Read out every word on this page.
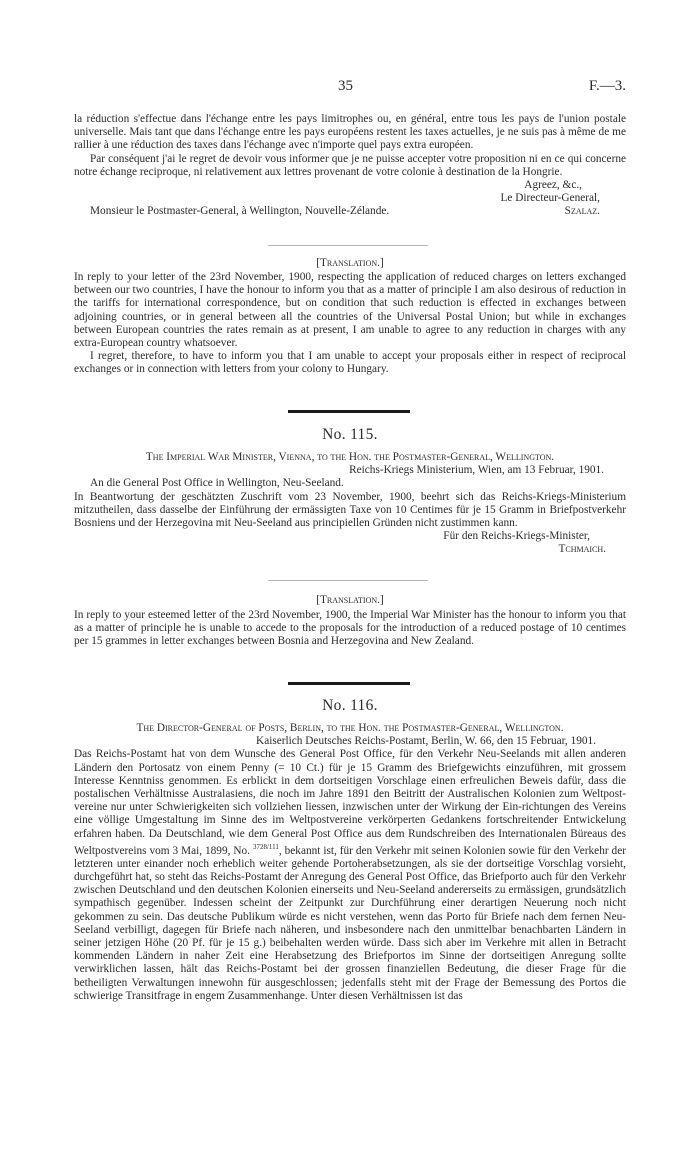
35	F.—3.

la réduction s'effectue dans l'échange entre les pays limitrophes ou, en général, entre tous les pays de l'union postale universelle. Mais tant que dans l'échange entre les pays européens restent les taxes actuelles, je ne suis pas à même de me rallier à une réduction des taxes dans l'échange avec n'importe quel pays extra européen.

Par conséquent j'ai le regret de devoir vous informer que je ne puisse accepter votre proposition ni en ce qui concerne notre échange reciproque, ni relativement aux lettres provenant de votre colonie à destination de la Hongrie.

Agreez, &c.,

Le Directeur-General,

Monsieur le Postmaster-General, à Wellington, Nouvelle-Zélande.	Szalaz.
[Translation.]

In reply to your letter of the 23rd November, 1900, respecting the application of reduced charges on letters exchanged between our two countries, I have the honour to inform you that as a matter of principle I am also desirous of reduction in the tariffs for international correspondence, but on condition that such reduction is effected in exchanges between adjoining countries, or in general between all the countries of the Universal Postal Union; but while in exchanges between European countries the rates remain as at present, I am unable to agree to any reduction in charges with any extra-European country whatsoever.

I regret, therefore, to have to inform you that I am unable to accept your proposals either in respect of reciprocal exchanges or in connection with letters from your colony to Hungary.

No. 115.

The Imperial War Minister, Vienna, to the Hon. the Postmaster-General, Wellington.

Reichs-Kriegs Ministerium, Wien, am 13 Februar, 1901.

An die General Post Office in Wellington, Neu-Seeland.

In Beantwortung der geschätzten Zuschrift vom 23 November, 1900, beehrt sich das Reichs-Kriegs-Ministerium mitzutheilen, dass dasselbe der Einführung der ermässigten Taxe von 10 Centimes für je 15 Gramm in Briefpostverkehr Bosniens und der Herzegovina mit Neu-Seeland aus principiellen Gründen nicht zustimmen kann.

Für den Reichs-Kriegs-Minister,

Tchmaich.

[Translation.]

In reply to your esteemed letter of the 23rd November, 1900, the Imperial War Minister has the honour to inform you that as a matter of principle he is unable to accede to the proposals for the introduction of a reduced postage of 10 centimes per 15 grammes in letter exchanges between Bosnia and Herzegovina and New Zealand.

No. 116.

The Director-General of Posts, Berlin, to the Hon. the Postmaster-General, Wellington.

Kaiserlich Deutsches Reichs-Postamt, Berlin, W. 66, den 15 Februar, 1901.

Das Reichs-Postamt hat von dem Wunsche des General Post Office, für den Verkehr Neu-Seelands mit allen anderen Ländern den Portosatz von einem Penny (= 10 Ct.) für je 15 Gramm des Briefgewichts einzuführen, mit grossem Interesse Kenntniss genommen. Es erblickt in dem dortseitigen Vorschlage einen erfreulichen Beweis dafür, dass die postalischen Verhältnisse Australasiens, die noch im Jahre 1891 den Beitritt der Australischen Kolonien zum Weltpost-vereine nur unter Schwierigkeiten sich vollziehen liessen, inzwischen unter der Wirkung der Ein-richtungen des Vereins eine völlige Umgestaltung im Sinne des im Weltpostvereine verkörperten Gedankens fortschreitender Entwickelung erfahren haben. Da Deutschland, wie dem General Post Office aus dem Rundschreiben des Internationalen Büreaus des Weltpostvereins vom 3 Mai, 1899, No. $^{3728/111}$, bekannt ist, für den Verkehr mit seinen Kolonien sowie für den Verkehr der letzteren unter einander noch erheblich weiter gehende Portoherabsetzungen, als sie der dortseitige Vorschlag vorsieht, durchgeführt hat, so steht das Reichs-Postamt der Anregung des General Post Office, das Briefporto auch für den Verkehr zwischen Deutschland und den deutschen Kolonien einerseits und Neu-Seeland andererseits zu ermässigen, grundsätzlich sympathisch gegenüber. Indessen scheint der Zeitpunkt zur Durchführung einer derartigen Neuerung noch nicht gekommen zu sein. Das deutsche Publikum würde es nicht verstehen, wenn das Porto für Briefe nach dem fernen Neu-Seeland verbilligt, dagegen für Briefe nach näheren, und insbesondere nach den unmittelbar benachbarten Ländern in seiner jetzigen Höhe (20 Pf. für je 15 g.) beibehalten werden würde. Dass sich aber im Verkehre mit allen in Betracht kommenden Ländern in naher Zeit eine Herabsetzung des Briefportos im Sinne der dortseitigen Anregung sollte verwirklichen lassen, hält das Reichs-Postamt bei der grossen finanziellen Bedeutung, die dieser Frage für die betheiligten Verwaltungen innewohn für ausgeschlossen; jedenfalls steht mit der Frage der Bemessung des Portos die schwierige Transitfrage in engem Zusammenhange. Unter diesen Verhältnissen ist das
